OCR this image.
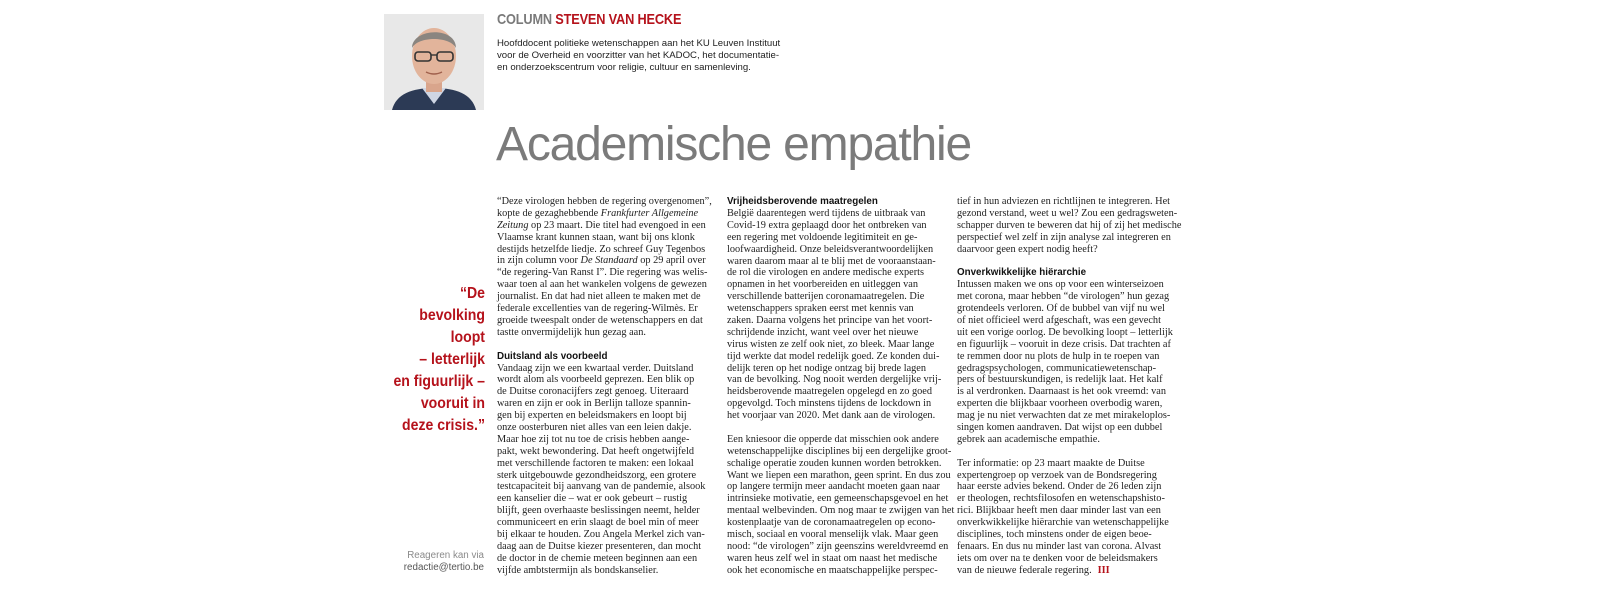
COLUMN STEVEN VAN HECKE
Hoofddocent politieke wetenschappen aan het KU Leuven Instituut
voor de Overheid en voorzitter van het KADOC, het documentatie-
en onderzoekscentrum voor religie, cultuur en samenleving.
Academische empathie
“De
bevolking
loopt
– letterlijk
en figuurlijk –
vooruit in
deze crisis.”
Reageren kan via
redactie@tertio.be
“Deze virologen hebben de regering overgenomen”,
kopte de gezaghebbende Frankfurter Allgemeine
Zeitung op 23 maart. Die titel had evengoed in een
Vlaamse krant kunnen staan, want bij ons klonk
destijds hetzelfde liedje. Zo schreef Guy Tegenbos
in zijn column voor De Standaard op 29 april over
“de regering-Van Ranst I”. Die regering was welis-
waar toen al aan het wankelen volgens de gewezen
journalist. En dat had niet alleen te maken met de
federale excellenties van de regering-Wilmès. Er
groeide tweespalt onder de wetenschappers en dat
tastte onvermijdelijk hun gezag aan.
Duitsland als voorbeeld
Vandaag zijn we een kwartaal verder. Duitsland
wordt alom als voorbeeld geprezen. Een blik op
de Duitse coronacijfers zegt genoeg. Uiteraard
waren en zijn er ook in Berlijn talloze spannin-
gen bij experten en beleidsmakers en loopt bij
onze oosterburen niet alles van een leien dakje.
Maar hoe zij tot nu toe de crisis hebben aange-
pakt, wekt bewondering. Dat heeft ongetwijfeld
met verschillende factoren te maken: een lokaal
sterk uitgebouwde gezondheidszorg, een grotere
testcapaciteit bij aanvang van de pandemie, alsook
een kanselier die – wat er ook gebeurt – rustig
blijft, geen overhaaste beslissingen neemt, helder
communiceert en erin slaagt de boel min of meer
bij elkaar te houden. Zou Angela Merkel zich van-
daag aan de Duitse kiezer presenteren, dan mocht
de doctor in de chemie meteen beginnen aan een
vijfde ambtstermijn als bondskanselier.
Vrijheidsberovende maatregelen
België daarentegen werd tijdens de uitbraak van
Covid-19 extra geplaagd door het ontbreken van
een regering met voldoende legitimiteit en ge-
loofwaardigheid. Onze beleidsverantwoordelijken
waren daarom maar al te blij met de vooraanstaan-
de rol die virologen en andere medische experts
opnamen in het voorbereiden en uitleggen van
verschillende batterijen coronamaatregelen. Die
wetenschappers spraken eerst met kennis van
zaken. Daarna volgens het principe van het voort-
schrijdende inzicht, want veel over het nieuwe
virus wisten ze zelf ook niet, zo bleek. Maar lange
tijd werkte dat model redelijk goed. Ze konden dui-
delijk teren op het nodige ontzag bij brede lagen
van de bevolking. Nog nooit werden dergelijke vrij-
heidsberovende maatregelen opgelegd en zo goed
opgevolgd. Toch minstens tijdens de lockdown in
het voorjaar van 2020. Met dank aan de virologen.
Een kniesoor die opperde dat misschien ook andere
wetenschappelijke disciplines bij een dergelijke groot-
schalige operatie zouden kunnen worden betrokken.
Want we liepen een marathon, geen sprint. En dus zou
op langere termijn meer aandacht moeten gaan naar
intrinsieke motivatie, een gemeenschapsgevoel en het
mentaal welbevinden. Om nog maar te zwijgen van het
kostenplaatje van de coronamaatregelen op econo-
misch, sociaal en vooral menselijk vlak. Maar geen
nood: “de virologen” zijn geenszins wereldvreemd en
waren heus zelf wel in staat om naast het medische
ook het economische en maatschappelijke perspec-
tief in hun adviezen en richtlijnen te integreren. Het
gezond verstand, weet u wel? Zou een gedragsweten-
schapper durven te beweren dat hij of zij het medische
perspectief wel zelf in zijn analyse zal integreren en
daarvoor geen expert nodig heeft?
Onverkwikkelijke hiërarchie
Intussen maken we ons op voor een winterseizoen
met corona, maar hebben “de virologen” hun gezag
grotendeels verloren. Of de bubbel van vijf nu wel
of niet officieel werd afgeschaft, was een gevecht
uit een vorige oorlog. De bevolking loopt – letterlijk
en figuurlijk – vooruit in deze crisis. Dat trachten af
te remmen door nu plots de hulp in te roepen van
gedragspsychologen, communicatiewetenschap-
pers of bestuurskundigen, is redelijk laat. Het kalf
is al verdronken. Daarnaast is het ook vreemd: van
experten die blijkbaar voorheen overbodig waren,
mag je nu niet verwachten dat ze met mirakeloplos-
singen komen aandraven. Dat wijst op een dubbel
gebrek aan academische empathie.
Ter informatie: op 23 maart maakte de Duitse
expertengroep op verzoek van de Bondsregering
haar eerste advies bekend. Onder de 26 leden zijn
er theologen, rechtsfilosofen en wetenschapshisto-
rici. Blijkbaar heeft men daar minder last van een
onverkwikkelijke hiërarchie van wetenschappelijke
disciplines, toch minstens onder de eigen beoe-
fenaars. En dus nu minder last van corona. Alvast
iets om over na te denken voor de beleidsmakers
van de nieuwe federale regering. III
